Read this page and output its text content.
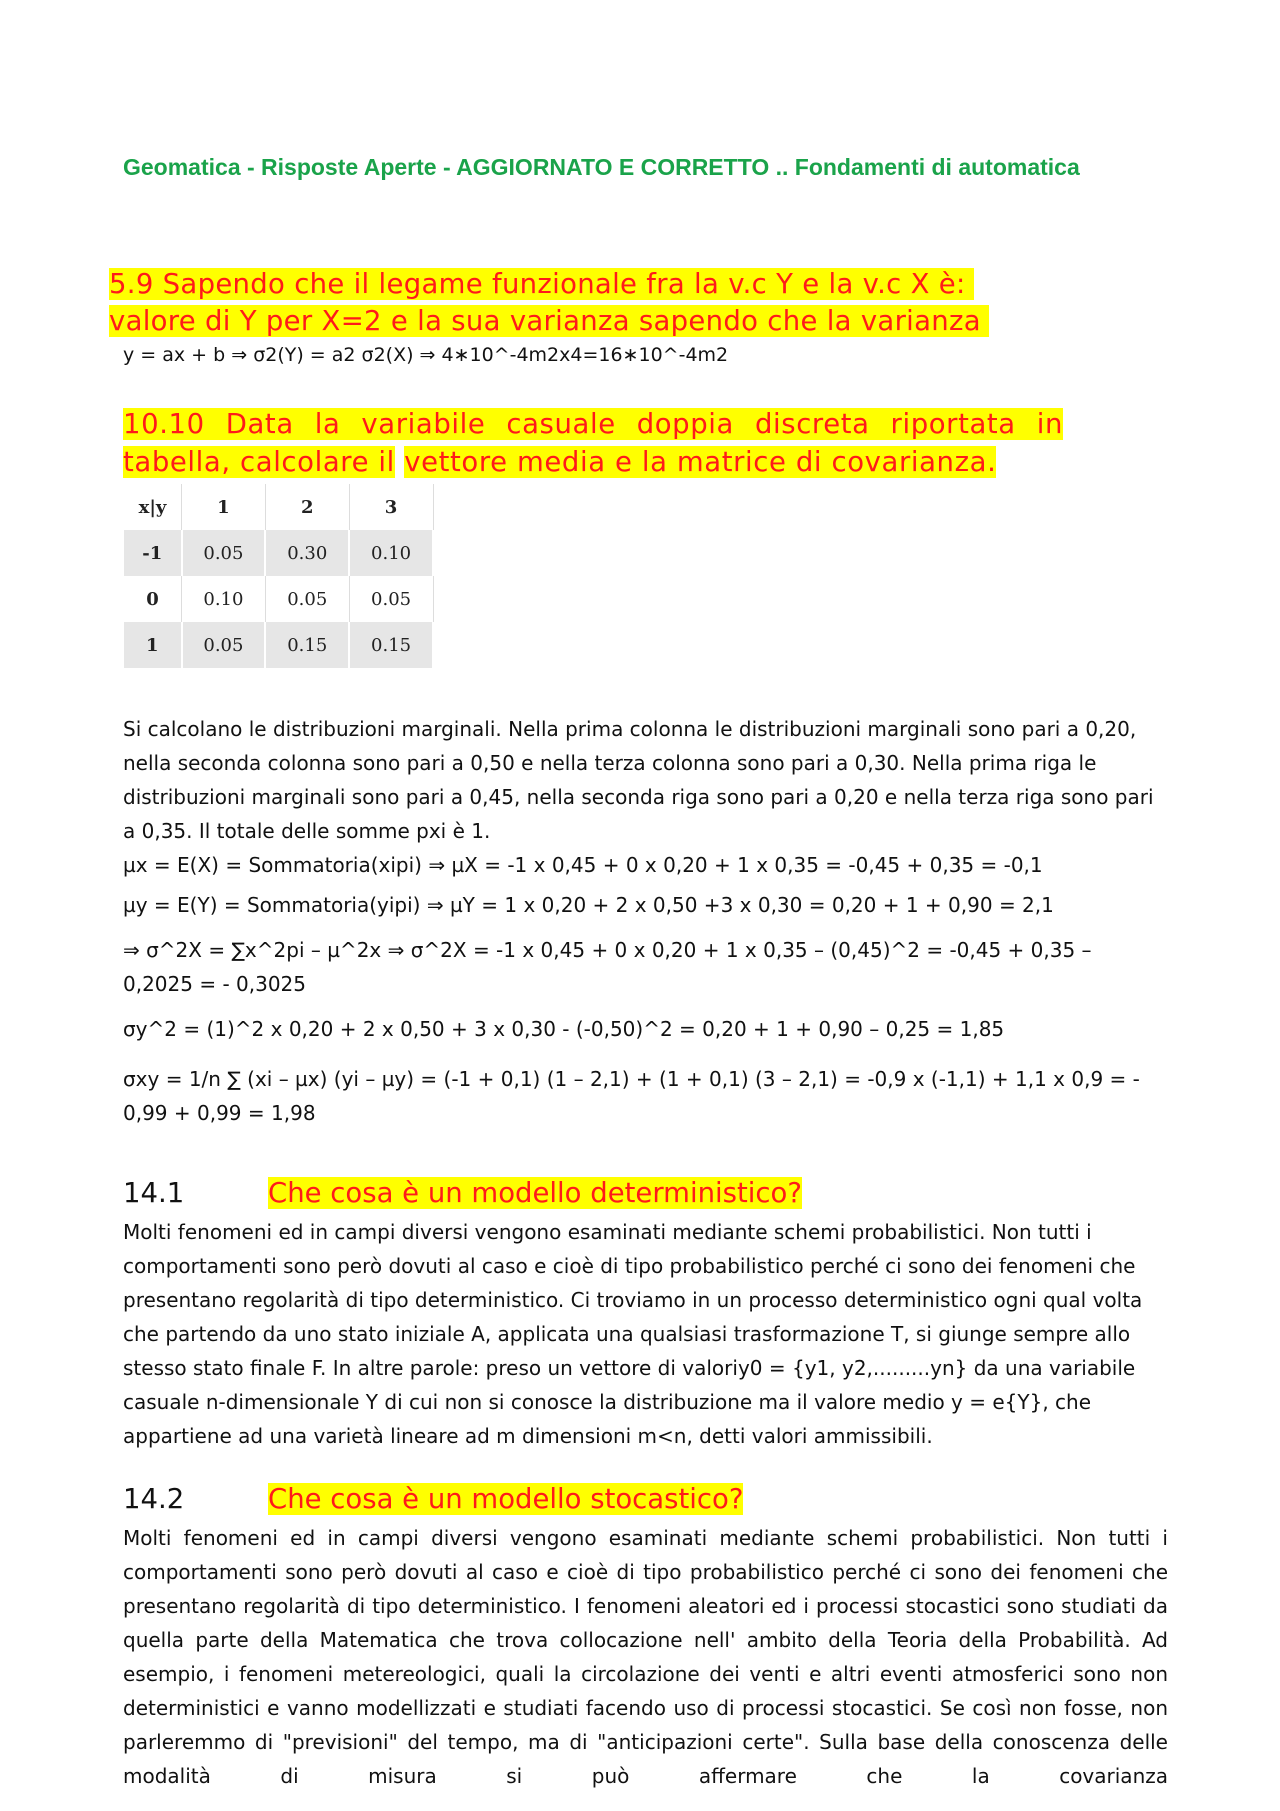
Geomatica - Risposte Aperte - AGGIORNATO E CORRETTO .. Fondamenti di automatica
5.9 Sapendo che il legame funzionale fra la v.c Y e la v.c X è:
valore di Y per X=2 e la sua varianza sapendo che la varianza
y = ax + b ⇒ σ2(Y) = a2 σ2(X) ⇒ 4∗10^-4m2x4=16∗10^-4m2
10.10 Data la variabile casuale doppia discreta riportata in tabella, calcolare il vettore media e la matrice di covarianza.
x|y	1	2	3
-1	0.05	0.30	0.10
0	0.10	0.05	0.05
1	0.05	0.15	0.15
Si calcolano le distribuzioni marginali. Nella prima colonna le distribuzioni marginali sono pari a 0,20, nella seconda colonna sono pari a 0,50 e nella terza colonna sono pari a 0,30. Nella prima riga le distribuzioni marginali sono pari a 0,45, nella seconda riga sono pari a 0,20 e nella terza riga sono pari a 0,35. Il totale delle somme pxi è 1.
µx = E(X) = Sommatoria(xipi) ⇒ µX = -1 x 0,45 + 0 x 0,20 + 1 x 0,35 = -0,45 + 0,35 = -0,1
µy = E(Y) = Sommatoria(yipi) ⇒ µY = 1 x 0,20 + 2 x 0,50 +3 x 0,30 = 0,20 + 1 + 0,90 = 2,1
⇒ σ^2X = ∑x^2pi – µ^2x ⇒ σ^2X = -1 x 0,45 + 0 x 0,20 + 1 x 0,35 – (0,45)^2 = -0,45 + 0,35 – 0,2025 = - 0,3025
σy^2 = (1)^2 x 0,20 + 2 x 0,50 + 3 x 0,30 - (-0,50)^2 = 0,20 + 1 + 0,90 – 0,25 = 1,85
σxy = 1/n ∑ (xi – µx) (yi – µy) = (-1 + 0,1) (1 – 2,1) + (1 + 0,1) (3 – 2,1) = -0,9 x (-1,1) + 1,1 x 0,9 = - 0,99 + 0,99 = 1,98
14.1	Che cosa è un modello deterministico?
Molti fenomeni ed in campi diversi vengono esaminati mediante schemi probabilistici. Non tutti i comportamenti sono però dovuti al caso e cioè di tipo probabilistico perché ci sono dei fenomeni che presentano regolarità di tipo deterministico. Ci troviamo in un processo deterministico ogni qual volta che partendo da uno stato iniziale A, applicata una qualsiasi trasformazione T, si giunge sempre allo stesso stato finale F. In altre parole: preso un vettore di valoriy0 = {y1, y2,.........yn} da una variabile casuale n-dimensionale Y di cui non si conosce la distribuzione ma il valore medio y = e{Y}, che appartiene ad una varietà lineare ad m dimensioni m<n, detti valori ammissibili.
14.2	Che cosa è un modello stocastico?
Molti fenomeni ed in campi diversi vengono esaminati mediante schemi probabilistici. Non tutti i comportamenti sono però dovuti al caso e cioè di tipo probabilistico perché ci sono dei fenomeni che presentano regolarità di tipo deterministico. I fenomeni aleatori ed i processi stocastici sono studiati da quella parte della Matematica che trova collocazione nell' ambito della Teoria della Probabilità. Ad esempio, i fenomeni metereologici, quali la circolazione dei venti e altri eventi atmosferici sono non deterministici e vanno modellizzati e studiati facendo uso di processi stocastici. Se così non fosse, non parleremmo di "previsioni" del tempo, ma di "anticipazioni certe". Sulla base della conoscenza delle modalità di misura si può affermare che la covarianza
